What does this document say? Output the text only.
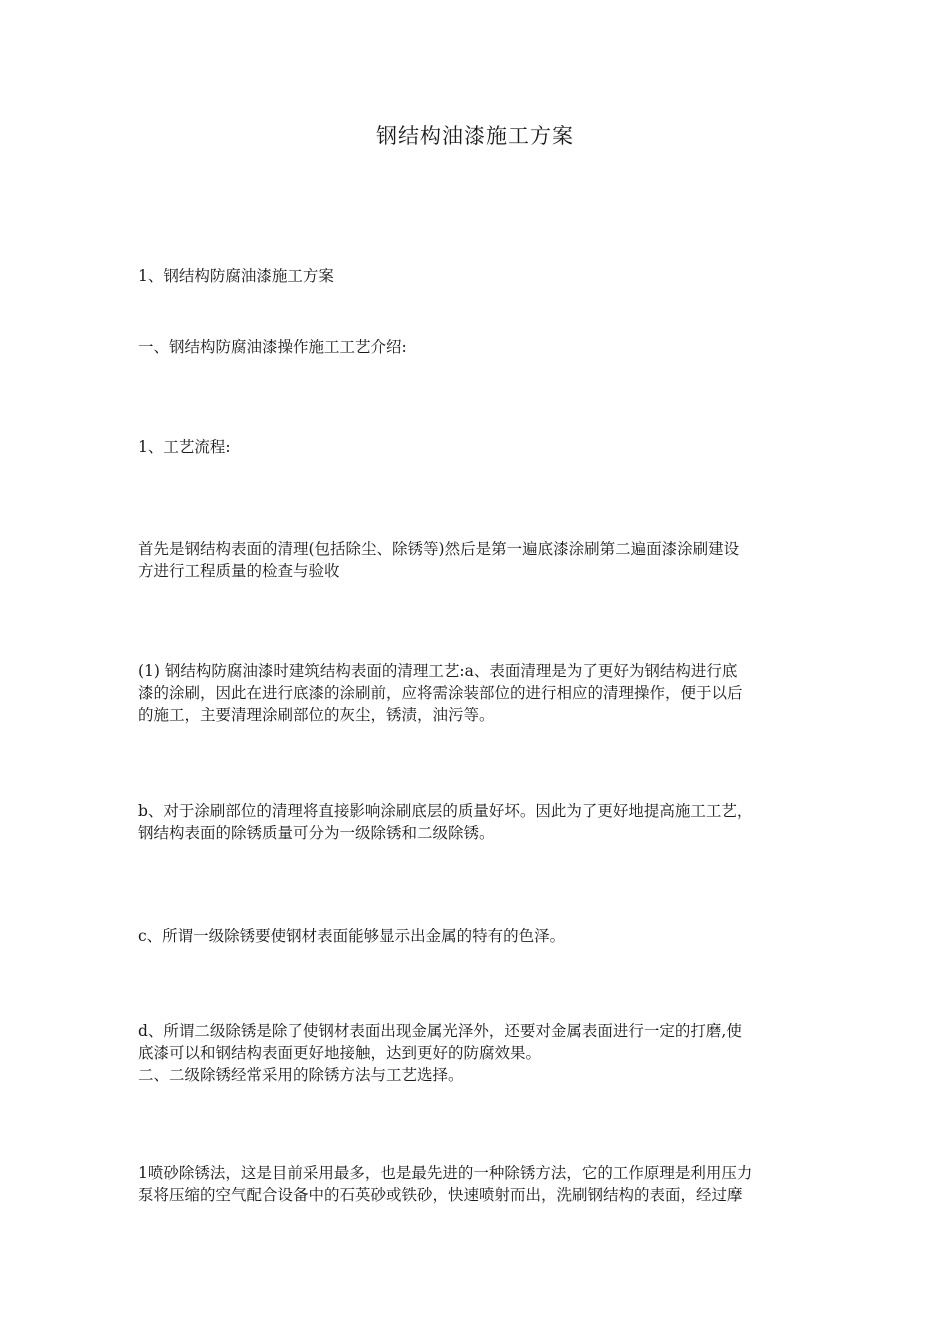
钢结构油漆施工方案

1、钢结构防腐油漆施工方案

一、钢结构防腐油漆操作施工工艺介绍:

1、工艺流程:

首先是钢结构表面的清理(包括除尘、除锈等)然后是第一遍底漆涂刷第二遍面漆涂刷建设
方进行工程质量的检查与验收

(1) 钢结构防腐油漆时建筑结构表面的清理工艺:a、表面清理是为了更好为钢结构进行底
漆的涂刷，因此在进行底漆的涂刷前，应将需涂装部位的进行相应的清理操作，便于以后
的施工，主要清理涂刷部位的灰尘，锈渍，油污等。

b、对于涂刷部位的清理将直接影响涂刷底层的质量好坏。因此为了更好地提高施工工艺，
钢结构表面的除锈质量可分为一级除锈和二级除锈。

c、所谓一级除锈要使钢材表面能够显示出金属的特有的色泽。

d、所谓二级除锈是除了使钢材表面出现金属光泽外，还要对金属表面进行一定的打磨,使
底漆可以和钢结构表面更好地接触，达到更好的防腐效果。
二、二级除锈经常采用的除锈方法与工艺选择。

1喷砂除锈法，这是目前采用最多，也是最先进的一种除锈方法，它的工作原理是利用压力
泵将压缩的空气配合设备中的石英砂或铁砂，快速喷射而出，洗刷钢结构的表面，经过摩
